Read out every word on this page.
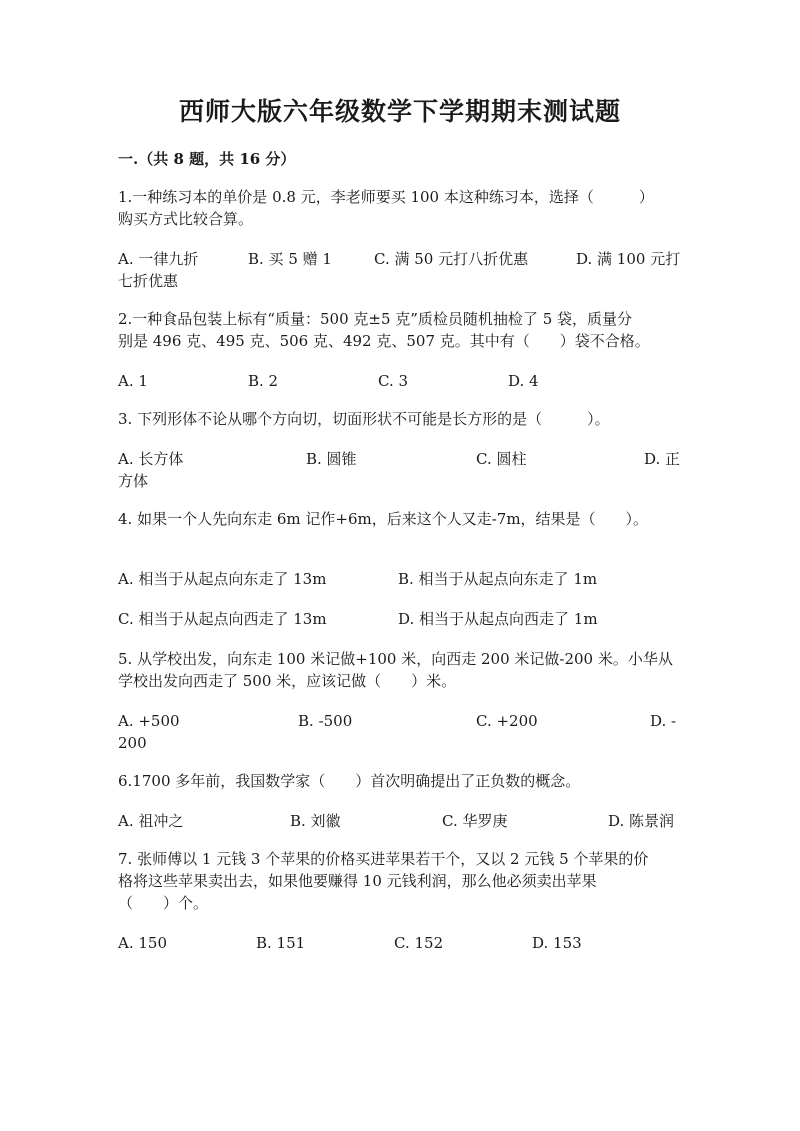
西师大版六年级数学下学期期末测试题
一.（共 8 题，共 16 分）
1.一种练习本的单价是 0.8 元，李老师要买 100 本这种练习本，选择（　　　）
购买方式比较合算。
A. 一律九折	B. 买 5 赠 1	C. 满 50 元打八折优惠	D. 满 100 元打
七折优惠
2.一种食品包装上标有“质量：500 克±5 克”质检员随机抽检了 5 袋，质量分
别是 496 克、495 克、506 克、492 克、507 克。其中有（　　）袋不合格。
A. 1	B. 2	C. 3	D. 4
3. 下列形体不论从哪个方向切，切面形状不可能是长方形的是（　　　）。
A. 长方体	B. 圆锥	C. 圆柱	D. 正
方体
4. 如果一个人先向东走 6m 记作+6m，后来这个人又走-7m，结果是（　　）。
A. 相当于从起点向东走了 13m	B. 相当于从起点向东走了 1m
C. 相当于从起点向西走了 13m	D. 相当于从起点向西走了 1m
5. 从学校出发，向东走 100 米记做+100 米，向西走 200 米记做-200 米。小华从
学校出发向西走了 500 米，应该记做（　　）米。
A. +500	B. -500	C. +200	D. -
200
6.1700 多年前，我国数学家（　　）首次明确提出了正负数的概念。
A. 祖冲之	B. 刘徽	C. 华罗庚	D. 陈景润
7. 张师傅以 1 元钱 3 个苹果的价格买进苹果若干个，又以 2 元钱 5 个苹果的价
格将这些苹果卖出去，如果他要赚得 10 元钱利润，那么他必须卖出苹果
（　　）个。
A. 150	B. 151	C. 152	D. 153
